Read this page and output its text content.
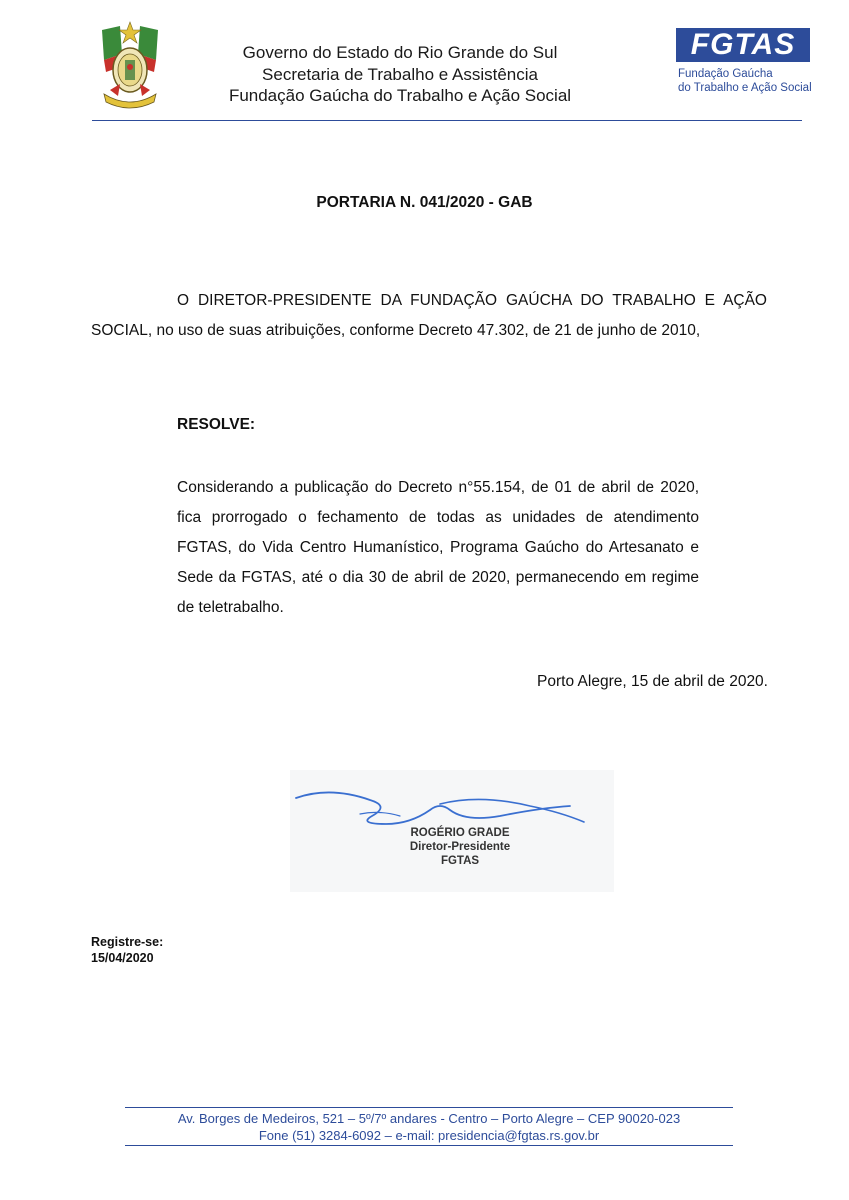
Governo do Estado do Rio Grande do Sul
Secretaria de Trabalho e Assistência
Fundação Gaúcha do Trabalho e Ação Social
FGTAS
Fundação Gaúcha
do Trabalho e Ação Social
PORTARIA N. 041/2020 - GAB
O DIRETOR-PRESIDENTE DA FUNDAÇÃO GAÚCHA DO TRABALHO E AÇÃO SOCIAL, no uso de suas atribuições, conforme Decreto 47.302, de 21 de junho de 2010,
RESOLVE:
Considerando a publicação do Decreto n°55.154, de 01 de abril de 2020, fica prorrogado o fechamento de todas as unidades de atendimento FGTAS, do Vida Centro Humanístico, Programa Gaúcho do Artesanato e Sede da FGTAS, até o dia 30 de abril de 2020, permanecendo em regime de teletrabalho.
Porto Alegre, 15 de abril de 2020.
ROGÉRIO GRADE
Diretor-Presidente
FGTAS
Registre-se:
15/04/2020
Av. Borges de Medeiros, 521 – 5º/7º andares - Centro – Porto Alegre – CEP 90020-023
Fone (51) 3284-6092 – e-mail: presidencia@fgtas.rs.gov.br
